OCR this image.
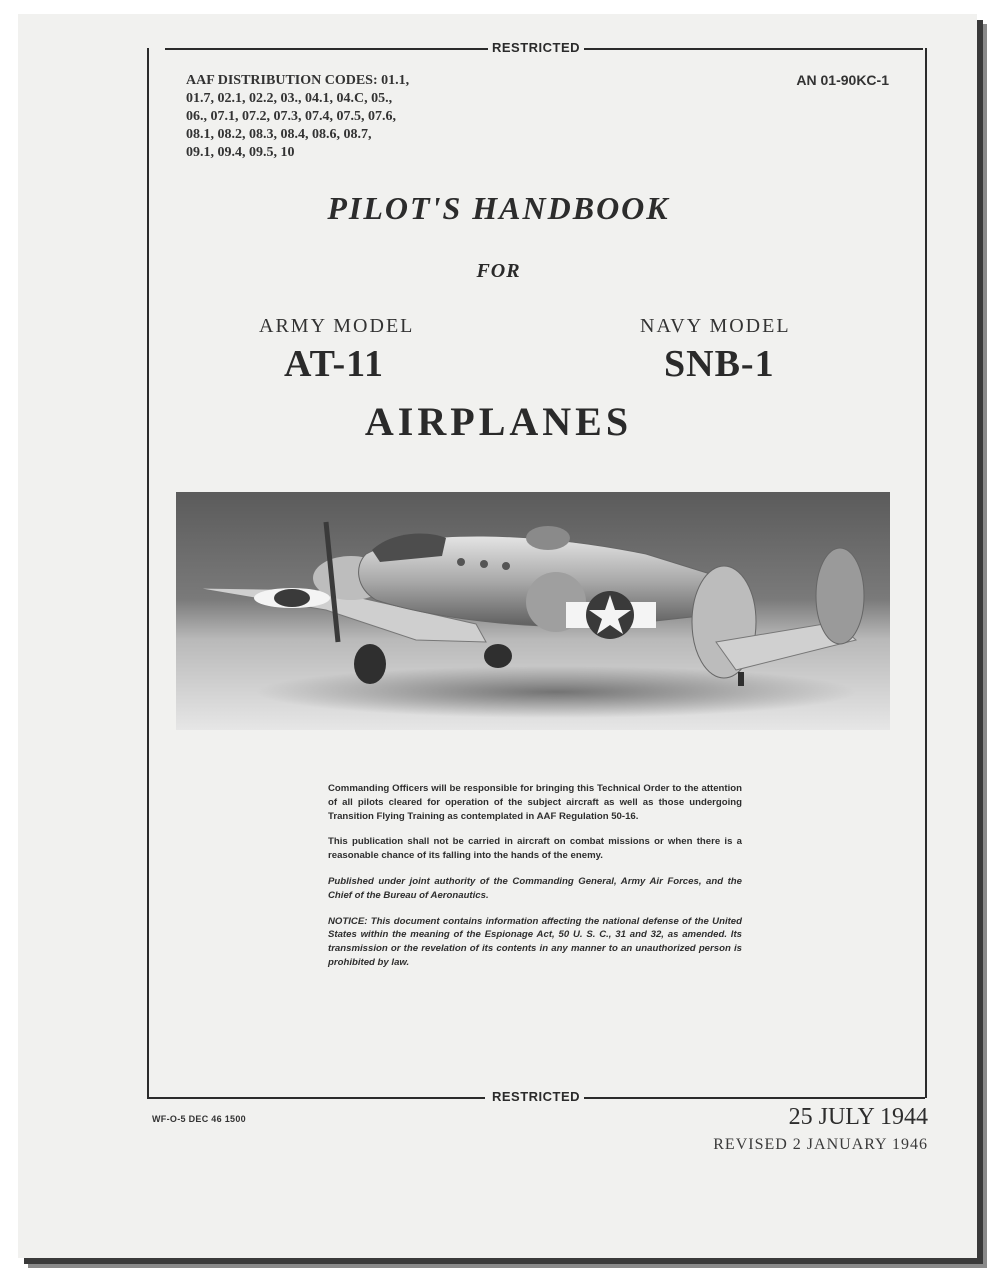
RESTRICTED
AAF DISTRIBUTION CODES: 01.1,
01.7, 02.1, 02.2, 03., 04.1, 04.C, 05.,
06., 07.1, 07.2, 07.3, 07.4, 07.5, 07.6,
08.1, 08.2, 08.3, 08.4, 08.6, 08.7,
09.1, 09.4, 09.5, 10
AN 01-90KC-1
PILOT'S HANDBOOK
FOR
ARMY MODEL
AT-11
NAVY MODEL
SNB-1
AIRPLANES

Commanding Officers will be responsible for bringing this Technical Order to the attention of all pilots cleared for operation of the subject aircraft as well as those undergoing Transition Flying Training as contemplated in AAF Regulation 50-16.

This publication shall not be carried in aircraft on combat missions or when there is a reasonable chance of its falling into the hands of the enemy.

Published under joint authority of the Commanding General, Army Air Forces, and the Chief of the Bureau of Aeronautics.

NOTICE: This document contains information affecting the national defense of the United States within the meaning of the Espionage Act, 50 U. S. C., 31 and 32, as amended. Its transmission or the revelation of its contents in any manner to an unauthorized person is prohibited by law.

RESTRICTED
WF-O-5 DEC 46 1500	25 JULY 1944
REVISED 2 JANUARY 1946
